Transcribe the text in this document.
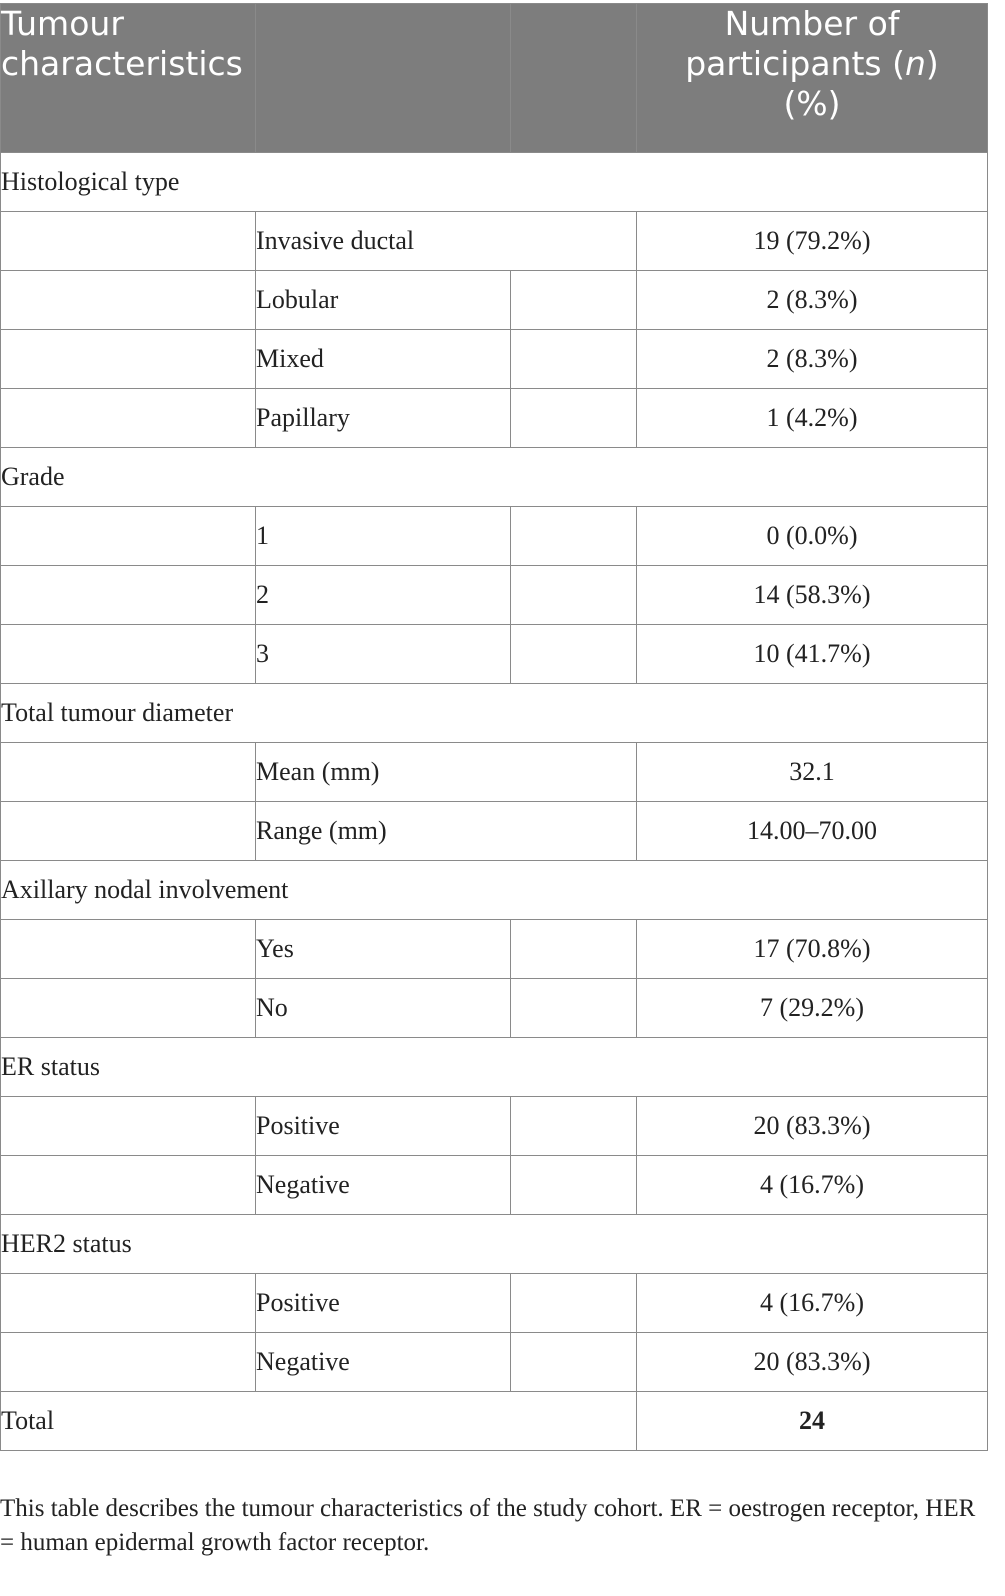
Tumour characteristics			Number of
participants (n)
(%)
Histological type			
	Invasive ductal		19 (79.2%)
	Lobular		2 (8.3%)
	Mixed		2 (8.3%)
	Papillary		1 (4.2%)
Grade			
	1		0 (0.0%)
	2		14 (58.3%)
	3		10 (41.7%)
Total tumour diameter			
	Mean (mm)		32.1
	Range (mm)		14.00–70.00
Axillary nodal involvement			
	Yes		17 (70.8%)
	No		7 (29.2%)
ER status			
	Positive		20 (83.3%)
	Negative		4 (16.7%)
HER2 status			
	Positive		4 (16.7%)
	Negative		20 (83.3%)
Total			24
This table describes the tumour characteristics of the study cohort. ER = oestrogen receptor, HER = human epidermal growth factor receptor.
